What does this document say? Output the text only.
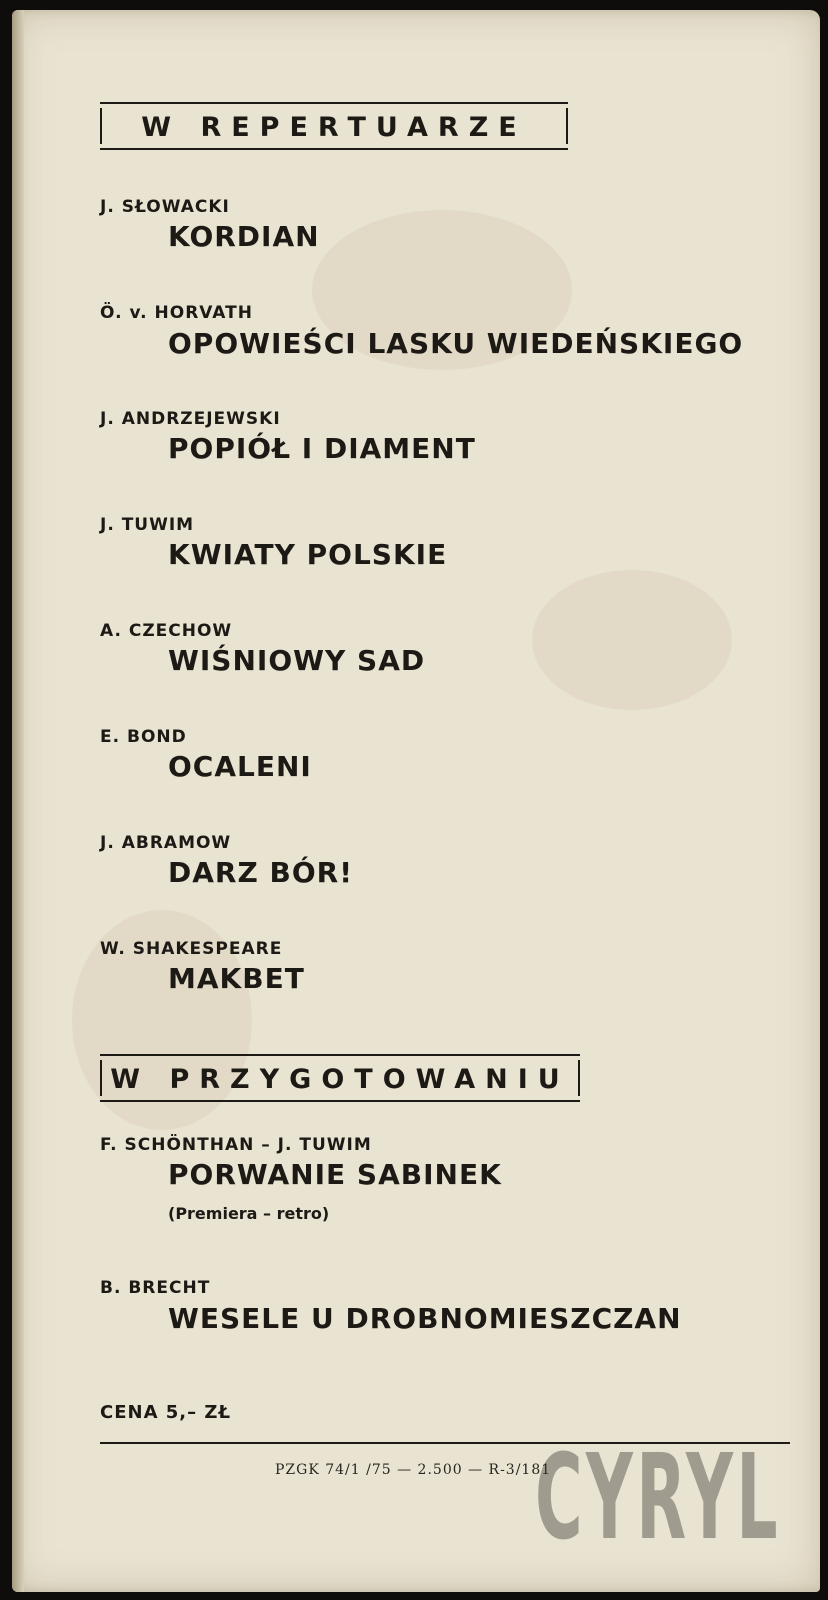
W REPERTUARZE
J. SŁOWACKI
KORDIAN
Ö. v. HORVATH
OPOWIEŚCI LASKU WIEDEŃSKIEGO
J. ANDRZEJEWSKI
POPIÓŁ I DIAMENT
J. TUWIM
KWIATY POLSKIE
A. CZECHOW
WIŚNIOWY SAD
E. BOND
OCALENI
J. ABRAMOW
DARZ BÓR!
W. SHAKESPEARE
MAKBET
W PRZYGOTOWANIU
F. SCHÖNTHAN – J. TUWIM
PORWANIE SABINEK
(Premiera – retro)
B. BRECHT
WESELE U DROBNOMIESZCZAN
CENA 5,– ZŁ
PZGK 74/1 /75 — 2.500 — R-3/181
CYRYL
